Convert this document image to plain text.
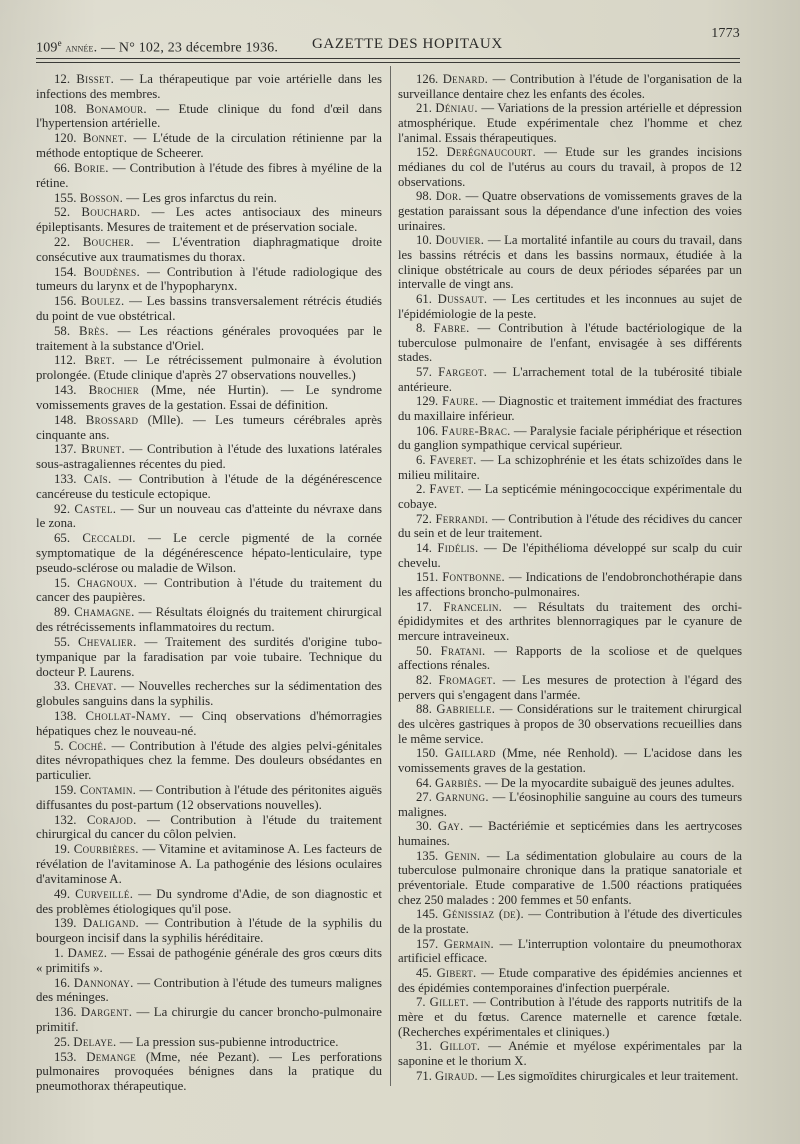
109e année. — N° 102, 23 décembre 1936. GAZETTE DES HOPITAUX
1773

12. Bisset. — La thérapeutique par voie artérielle dans les infections des membres.

108. Bonamour. — Etude clinique du fond d'œil dans l'hypertension artérielle.

120. Bonnet. — L'étude de la circulation rétinienne par la méthode entoptique de Scheerer.

66. Borie. — Contribution à l'étude des fibres à myéline de la rétine.

155. Bosson. — Les gros infarctus du rein.

52. Bouchard. — Les actes antisociaux des mineurs épileptisants. Mesures de traitement et de préservation sociale.

22. Boucher. — L'éventration diaphragmatique droite consécutive aux traumatismes du thorax.

154. Boudènes. — Contribution à l'étude radiologique des tumeurs du larynx et de l'hypopharynx.

156. Boulez. — Les bassins transversalement rétrécis étudiés du point de vue obstétrical.

58. Brès. — Les réactions générales provoquées par le traitement à la substance d'Oriel.

112. Bret. — Le rétrécissement pulmonaire à évolution prolongée. (Etude clinique d'après 27 observations nouvelles.)

143. Brochier (Mme, née Hurtin). — Le syndrome vomissements graves de la gestation. Essai de définition.

148. Brossard (Mlle). — Les tumeurs cérébrales après cinquante ans.

137. Brunet. — Contribution à l'étude des luxations latérales sous-astragaliennes récentes du pied.

133. Caïs. — Contribution à l'étude de la dégénérescence cancéreuse du testicule ectopique.

92. Castel. — Sur un nouveau cas d'atteinte du névraxe dans le zona.

65. Ceccaldi. — Le cercle pigmenté de la cornée symptomatique de la dégénérescence hépato-lenticulaire, type pseudo-sclérose ou maladie de Wilson.

15. Chagnoux. — Contribution à l'étude du traitement du cancer des paupières.

89. Chamagne. — Résultats éloignés du traitement chirurgical des rétrécissements inflammatoires du rectum.

55. Chevalier. — Traitement des surdités d'origine tubo-tympanique par la faradisation par voie tubaire. Technique du docteur P. Laurens.

33. Chevat. — Nouvelles recherches sur la sédimentation des globules sanguins dans la syphilis.

138. Chollat-Namy. — Cinq observations d'hémorragies hépatiques chez le nouveau-né.

5. Coché. — Contribution à l'étude des algies pelvi-génitales dites névropathiques chez la femme. Des douleurs obsédantes en particulier.

159. Contamin. — Contribution à l'étude des péritonites aiguës diffusantes du post-partum (12 observations nouvelles).

132. Corajod. — Contribution à l'étude du traitement chirurgical du cancer du côlon pelvien.

19. Courbières. — Vitamine et avitaminose A. Les facteurs de révélation de l'avitaminose A. La pathogénie des lésions oculaires d'avitaminose A.

49. Curveillé. — Du syndrome d'Adie, de son diagnostic et des problèmes étiologiques qu'il pose.

139. Daligand. — Contribution à l'étude de la syphilis du bourgeon incisif dans la syphilis héréditaire.

1. Damez. — Essai de pathogénie générale des gros cœurs dits « primitifs ».

16. Dannonay. — Contribution à l'étude des tumeurs malignes des méninges.

136. Dargent. — La chirurgie du cancer broncho-pulmonaire primitif.

25. Delaye. — La pression sus-pubienne introductrice.

153. Demange (Mme, née Pezant). — Les perforations pulmonaires provoquées bénignes dans la pratique du pneumothorax thérapeutique.

126. Denard. — Contribution à l'étude de l'organisation de la surveillance dentaire chez les enfants des écoles.

21. Déniau. — Variations de la pression artérielle et dépression atmosphérique. Etude expérimentale chez l'homme et chez l'animal. Essais thérapeutiques.

152. Derégnaucourt. — Etude sur les grandes incisions médianes du col de l'utérus au cours du travail, à propos de 12 observations.

98. Dor. — Quatre observations de vomissements graves de la gestation paraissant sous la dépendance d'une infection des voies urinaires.

10. Douvier. — La mortalité infantile au cours du travail, dans les bassins rétrécis et dans les bassins normaux, étudiée à la clinique obstétricale au cours de deux périodes séparées par un intervalle de vingt ans.

61. Dussaut. — Les certitudes et les inconnues au sujet de l'épidémiologie de la peste.

8. Fabre. — Contribution à l'étude bactériologique de la tuberculose pulmonaire de l'enfant, envisagée à ses différents stades.

57. Fargeot. — L'arrachement total de la tubérosité tibiale antérieure.

129. Faure. — Diagnostic et traitement immédiat des fractures du maxillaire inférieur.

106. Faure-Brac. — Paralysie faciale périphérique et résection du ganglion sympathique cervical supérieur.

6. Faveret. — La schizophrénie et les états schizoïdes dans le milieu militaire.

2. Favet. — La septicémie méningococcique expérimentale du cobaye.

72. Ferrandi. — Contribution à l'étude des récidives du cancer du sein et de leur traitement.

14. Fidélis. — De l'épithélioma développé sur scalp du cuir chevelu.

151. Fontbonne. — Indications de l'endobronchothérapie dans les affections broncho-pulmonaires.

17. Francelin. — Résultats du traitement des orchi-épididymites et des arthrites blennorragiques par le cyanure de mercure intraveineux.

50. Fratani. — Rapports de la scoliose et de quelques affections rénales.

82. Fromaget. — Les mesures de protection à l'égard des pervers qui s'engagent dans l'armée.

88. Gabrielle. — Considérations sur le traitement chirurgical des ulcères gastriques à propos de 30 observations recueillies dans le même service.

150. Gaillard (Mme, née Renhold). — L'acidose dans les vomissements graves de la gestation.

64. Garbiès. — De la myocardite subaiguë des jeunes adultes.

27. Garnung. — L'éosinophilie sanguine au cours des tumeurs malignes.

30. Gay. — Bactériémie et septicémies dans les aertrycoses humaines.

135. Genin. — La sédimentation globulaire au cours de la tuberculose pulmonaire chronique dans la pratique sanatoriale et préventoriale. Etude comparative de 1.500 réactions pratiquées chez 250 malades : 200 femmes et 50 enfants.

145. Génissiaz (de). — Contribution à l'étude des diverticules de la prostate.

157. Germain. — L'interruption volontaire du pneumothorax artificiel efficace.

45. Gibert. — Etude comparative des épidémies anciennes et des épidémies contemporaines d'infection puerpérale.

7. Gillet. — Contribution à l'étude des rapports nutritifs de la mère et du fœtus. Carence maternelle et carence fœtale. (Recherches expérimentales et cliniques.)

31. Gillot. — Anémie et myélose expérimentales par la saponine et le thorium X.

71. Giraud. — Les sigmoïdites chirurgicales et leur traitement.
